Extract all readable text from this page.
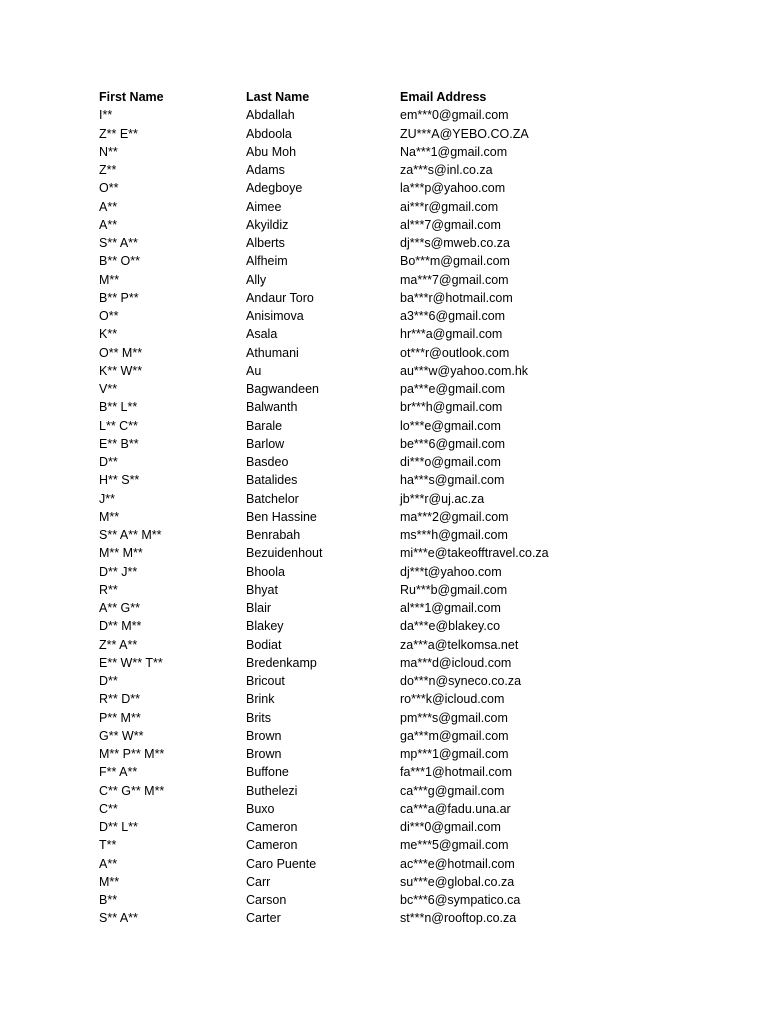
First Name	Last Name	Email Address
I**	Abdallah	em***0@gmail.com
Z** E**	Abdoola	ZU***A@YEBO.CO.ZA
N**	Abu Moh	Na***1@gmail.com
Z**	Adams	za***s@inl.co.za
O**	Adegboye	la***p@yahoo.com
A**	Aimee	ai***r@gmail.com
A**	Akyildiz	al***7@gmail.com
S** A**	Alberts	dj***s@mweb.co.za
B** O**	Alfheim	Bo***m@gmail.com
M**	Ally	ma***7@gmail.com
B** P**	Andaur Toro	ba***r@hotmail.com
O**	Anisimova	a3***6@gmail.com
K**	Asala	hr***a@gmail.com
O** M**	Athumani	ot***r@outlook.com
K** W**	Au	au***w@yahoo.com.hk
V**	Bagwandeen	pa***e@gmail.com
B** L**	Balwanth	br***h@gmail.com
L** C**	Barale	lo***e@gmail.com
E** B**	Barlow	be***6@gmail.com
D**	Basdeo	di***o@gmail.com
H** S**	Batalides	ha***s@gmail.com
J**	Batchelor	jb***r@uj.ac.za
M**	Ben Hassine	ma***2@gmail.com
S** A** M**	Benrabah	ms***h@gmail.com
M** M**	Bezuidenhout	mi***e@takeofftravel.co.za
D** J**	Bhoola	dj***t@yahoo.com
R**	Bhyat	Ru***b@gmail.com
A** G**	Blair	al***1@gmail.com
D** M**	Blakey	da***e@blakey.co
Z** A**	Bodiat	za***a@telkomsa.net
E** W** T**	Bredenkamp	ma***d@icloud.com
D**	Bricout	do***n@syneco.co.za
R** D**	Brink	ro***k@icloud.com
P** M**	Brits	pm***s@gmail.com
G** W**	Brown	ga***m@gmail.com
M** P** M**	Brown	mp***1@gmail.com
F** A**	Buffone	fa***1@hotmail.com
C** G** M**	Buthelezi	ca***g@gmail.com
C**	Buxo	ca***a@fadu.una.ar
D** L**	Cameron	di***0@gmail.com
T**	Cameron	me***5@gmail.com
A**	Caro Puente	ac***e@hotmail.com
M**	Carr	su***e@global.co.za
B**	Carson	bc***6@sympatico.ca
S** A**	Carter	st***n@rooftop.co.za
